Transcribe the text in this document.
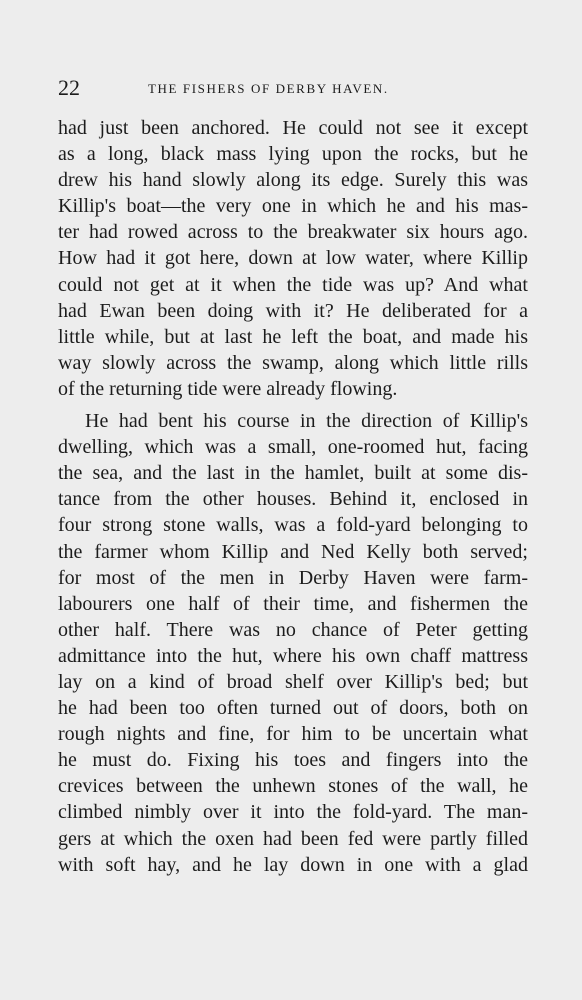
22	THE FISHERS OF DERBY HAVEN.
had just been anchored. He could not see it except
as a long, black mass lying upon the rocks, but he
drew his hand slowly along its edge. Surely this was
Killip's boat—the very one in which he and his mas-
ter had rowed across to the breakwater six hours ago.
How had it got here, down at low water, where Killip
could not get at it when the tide was up? And what
had Ewan been doing with it? He deliberated for a
little while, but at last he left the boat, and made his
way slowly across the swamp, along which little rills
of the returning tide were already flowing.
He had bent his course in the direction of Killip's
dwelling, which was a small, one-roomed hut, facing
the sea, and the last in the hamlet, built at some dis-
tance from the other houses. Behind it, enclosed in
four strong stone walls, was a fold-yard belonging to
the farmer whom Killip and Ned Kelly both served;
for most of the men in Derby Haven were farm-
labourers one half of their time, and fishermen the
other half. There was no chance of Peter getting
admittance into the hut, where his own chaff mattress
lay on a kind of broad shelf over Killip's bed; but
he had been too often turned out of doors, both on
rough nights and fine, for him to be uncertain what
he must do. Fixing his toes and fingers into the
crevices between the unhewn stones of the wall, he
climbed nimbly over it into the fold-yard. The man-
gers at which the oxen had been fed were partly filled
with soft hay, and he lay down in one with a glad
